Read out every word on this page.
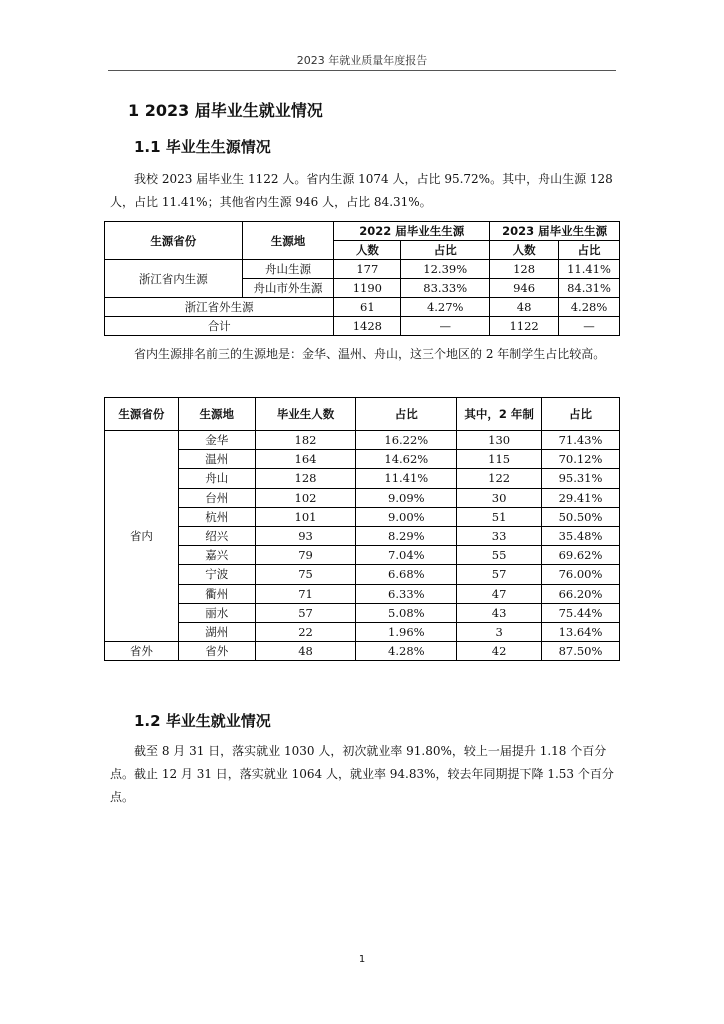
2023 年就业质量年度报告
1 2023 届毕业生就业情况
1.1 毕业生生源情况
我校 2023 届毕业生 1122 人。省内生源 1074 人，占比 95.72%。其中，舟山生源 128 人，占比 11.41%；其他省内生源 946 人，占比 84.31%。
生源省份	生源地	2022 届毕业生生源		2023 届毕业生生源	
		人数	占比	人数	占比
浙江省内生源	舟山生源	177	12.39%	128	11.41%
	舟山市外生源	1190	83.33%	946	84.31%
浙江省外生源		61	4.27%	48	4.28%
合计		1428	—	1122	—
省内生源排名前三的生源地是：金华、温州、舟山，这三个地区的 2 年制学生占比较高。
生源省份	生源地	毕业生人数	占比	其中，2 年制	占比
省内	金华	182	16.22%	130	71.43%
	温州	164	14.62%	115	70.12%
	舟山	128	11.41%	122	95.31%
	台州	102	9.09%	30	29.41%
	杭州	101	9.00%	51	50.50%
	绍兴	93	8.29%	33	35.48%
	嘉兴	79	7.04%	55	69.62%
	宁波	75	6.68%	57	76.00%
	衢州	71	6.33%	47	66.20%
	丽水	57	5.08%	43	75.44%
	湖州	22	1.96%	3	13.64%
省外	省外	48	4.28%	42	87.50%
1.2 毕业生就业情况
截至 8 月 31 日，落实就业 1030 人，初次就业率 91.80%，较上一届提升 1.18 个百分点。截止 12 月 31 日，落实就业 1064 人，就业率 94.83%，较去年同期提下降 1.53 个百分点。
1
